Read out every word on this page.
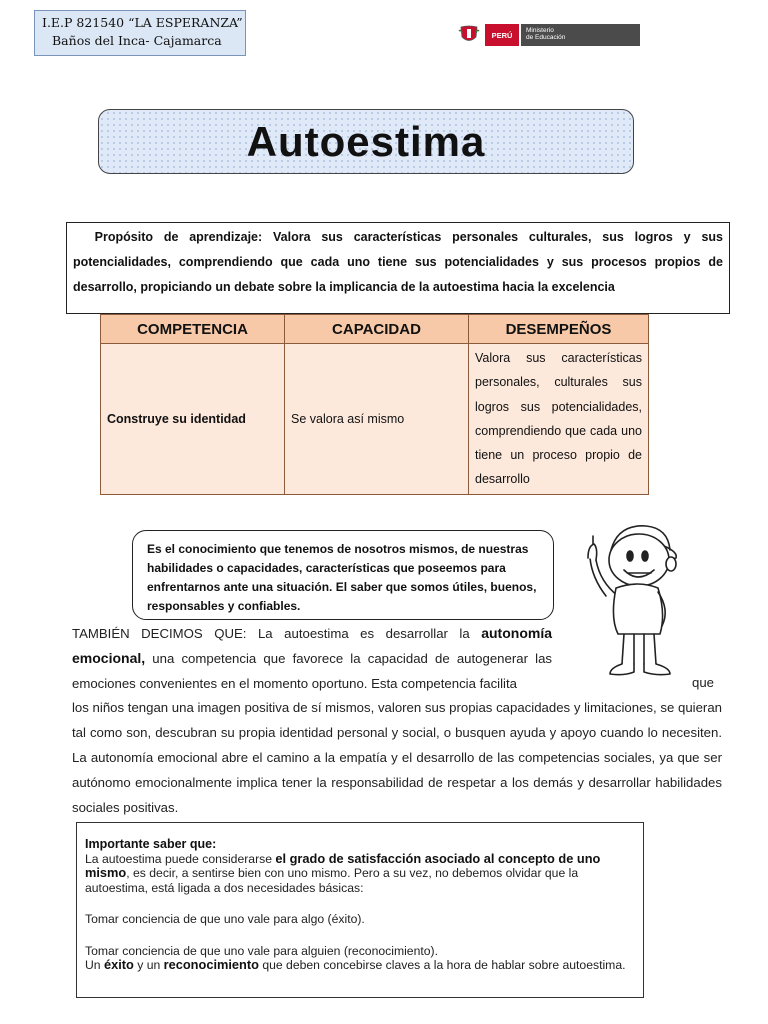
I.E.P 821540 “LA ESPERANZA”
Baños del Inca- Cajamarca	PERÚ	Ministerio
de Educación
Autoestima
Propósito de aprendizaje: Valora sus características personales culturales, sus logros y sus potencialidades, comprendiendo que cada uno tiene sus potencialidades y sus procesos propios de desarrollo, propiciando un debate sobre la implicancia de la autoestima hacia la excelencia
COMPETENCIA	CAPACIDAD	DESEMPEÑOS
Construye su identidad	Se valora así mismo	Valora sus características personales, culturales sus logros sus potencialidades, comprendiendo que cada uno tiene un proceso propio de desarrollo
Es el conocimiento que tenemos de nosotros mismos, de nuestras habilidades o capacidades, características que poseemos para enfrentarnos ante una situación. El saber que somos útiles, buenos, responsables y confiables.
TAMBIÉN DECIMOS QUE: La autoestima es desarrollar la autonomía emocional, una competencia que favorece la capacidad de autogenerar las emociones convenientes en el momento oportuno. Esta competencia facilita	que los niños tengan una imagen positiva de sí mismos, valoren sus propias capacidades y limitaciones, se quieran tal como son, descubran su propia identidad personal y social, o busquen ayuda y apoyo cuando lo necesiten. La autonomía emocional abre el camino a la empatía y el desarrollo de las competencias sociales, ya que ser autónomo emocionalmente implica tener la responsabilidad de respetar a los demás y desarrollar habilidades sociales positivas.
Importante saber que:
La autoestima puede considerarse el grado de satisfacción asociado al concepto de uno mismo, es decir, a sentirse bien con uno mismo. Pero a su vez, no debemos olvidar que la autoestima, está ligada a dos necesidades básicas:
Tomar conciencia de que uno vale para algo (éxito).
Tomar conciencia de que uno vale para alguien (reconocimiento).
Un éxito y un reconocimiento que deben concebirse claves a la hora de hablar sobre autoestima.
